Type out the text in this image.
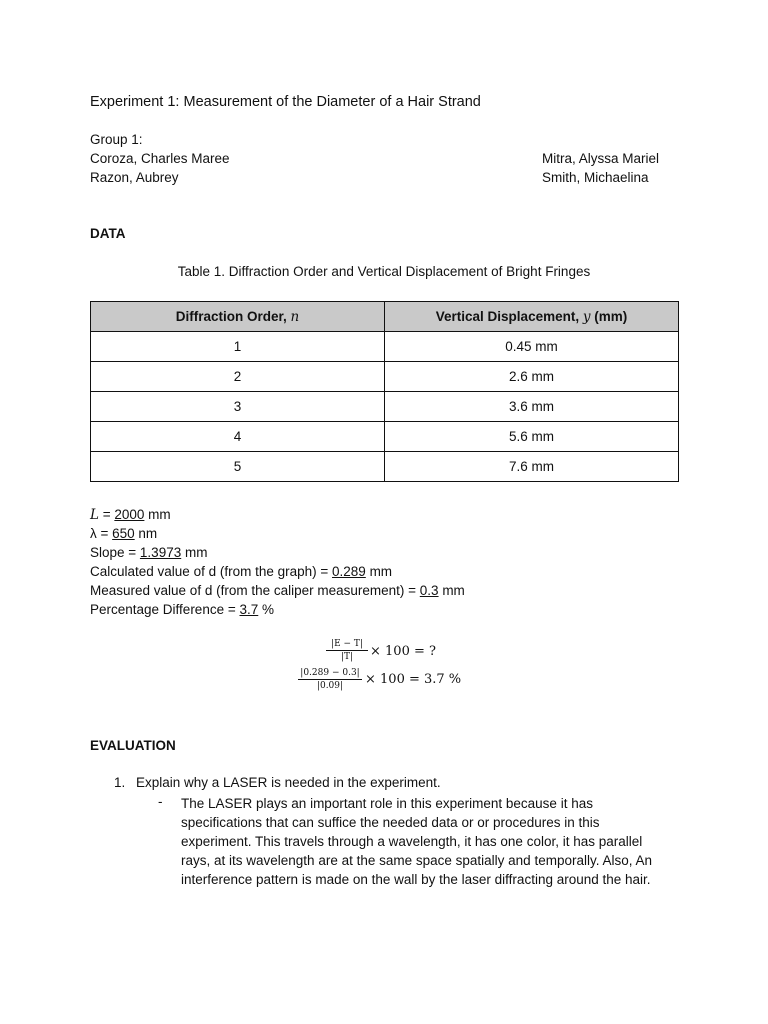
Experiment 1: Measurement of the Diameter of a Hair Strand
Group 1:
Coroza, Charles Maree
Razon, Aubrey
Mitra, Alyssa Mariel
Smith, Michaelina
DATA
Table 1. Diffraction Order and Vertical Displacement of Bright Fringes
Diffraction Order, n	Vertical Displacement, y (mm)
1	0.45 mm
2	2.6 mm
3	3.6 mm
4	5.6 mm
5	7.6 mm
L = 2000 mm
λ = 650 nm
Slope = 1.3973 mm
Calculated value of d (from the graph) = 0.289 mm
Measured value of d (from the caliper measurement) = 0.3 mm
Percentage Difference = 3.7 %
$\frac{|E - T|}{|T|} \times 100$ = ?
$\frac{|0.289 - 0.3|}{|0.09|} \times 100 = 3.7$ %
EVALUATION
1. Explain why a LASER is needed in the experiment.
- The LASER plays an important role in this experiment because it has
specifications that can suffice the needed data or or procedures in this
experiment. This travels through a wavelength, it has one color, it has parallel
rays, at its wavelength are at the same space spatially and temporally. Also, An
interference pattern is made on the wall by the laser diffracting around the hair.
